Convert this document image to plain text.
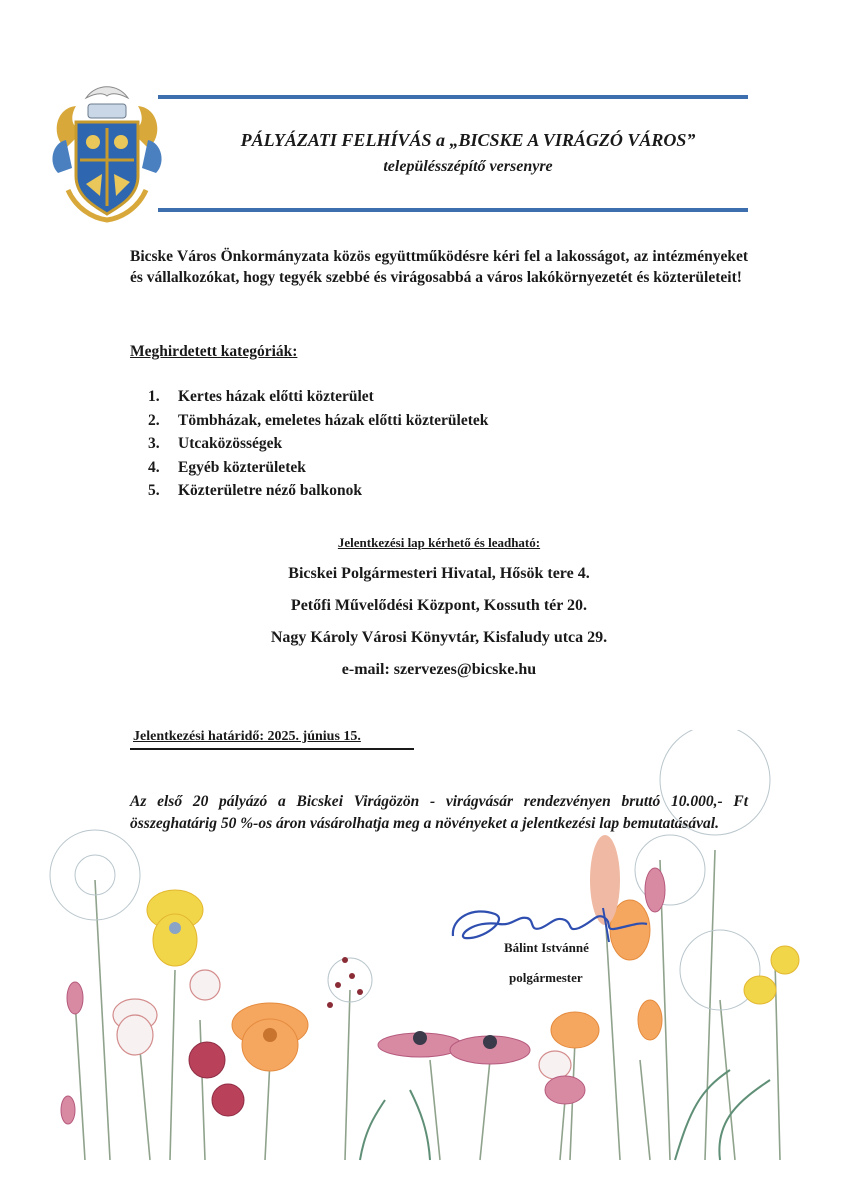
PÁLYÁZATI FELHÍVÁS a „BICSKE A VIRÁGZÓ VÁROS”
településszépítő versenyre
Bicske Város Önkormányzata közös együttműködésre kéri fel a lakosságot, az intézményeket és vállalkozókat, hogy tegyék szebbé és virágosabbá a város lakókörnyezetét és közterületeit!
Meghirdetett kategóriák:
1.	Kertes házak előtti közterület
2.	Tömbházak, emeletes házak előtti közterületek
3.	Utcaközösségek
4.	Egyéb közterületek
5.	Közterületre néző balkonok
Jelentkezési lap kérhető és leadható:
Bicskei Polgármesteri Hivatal, Hősök tere 4.
Petőfi Művelődési Központ, Kossuth tér 20.
Nagy Károly Városi Könyvtár, Kisfaludy utca 29.
e-mail: szervezes@bicske.hu
Jelentkezési határidő: 2025. június 15.
Az első 20 pályázó a Bicskei Virágözön - virágvásár rendezvényen bruttó 10.000,- Ft összeghatárig 50 %-os áron vásárolhatja meg a növényeket a jelentkezési lap bemutatásával.
Bálint Istvánné
polgármester
